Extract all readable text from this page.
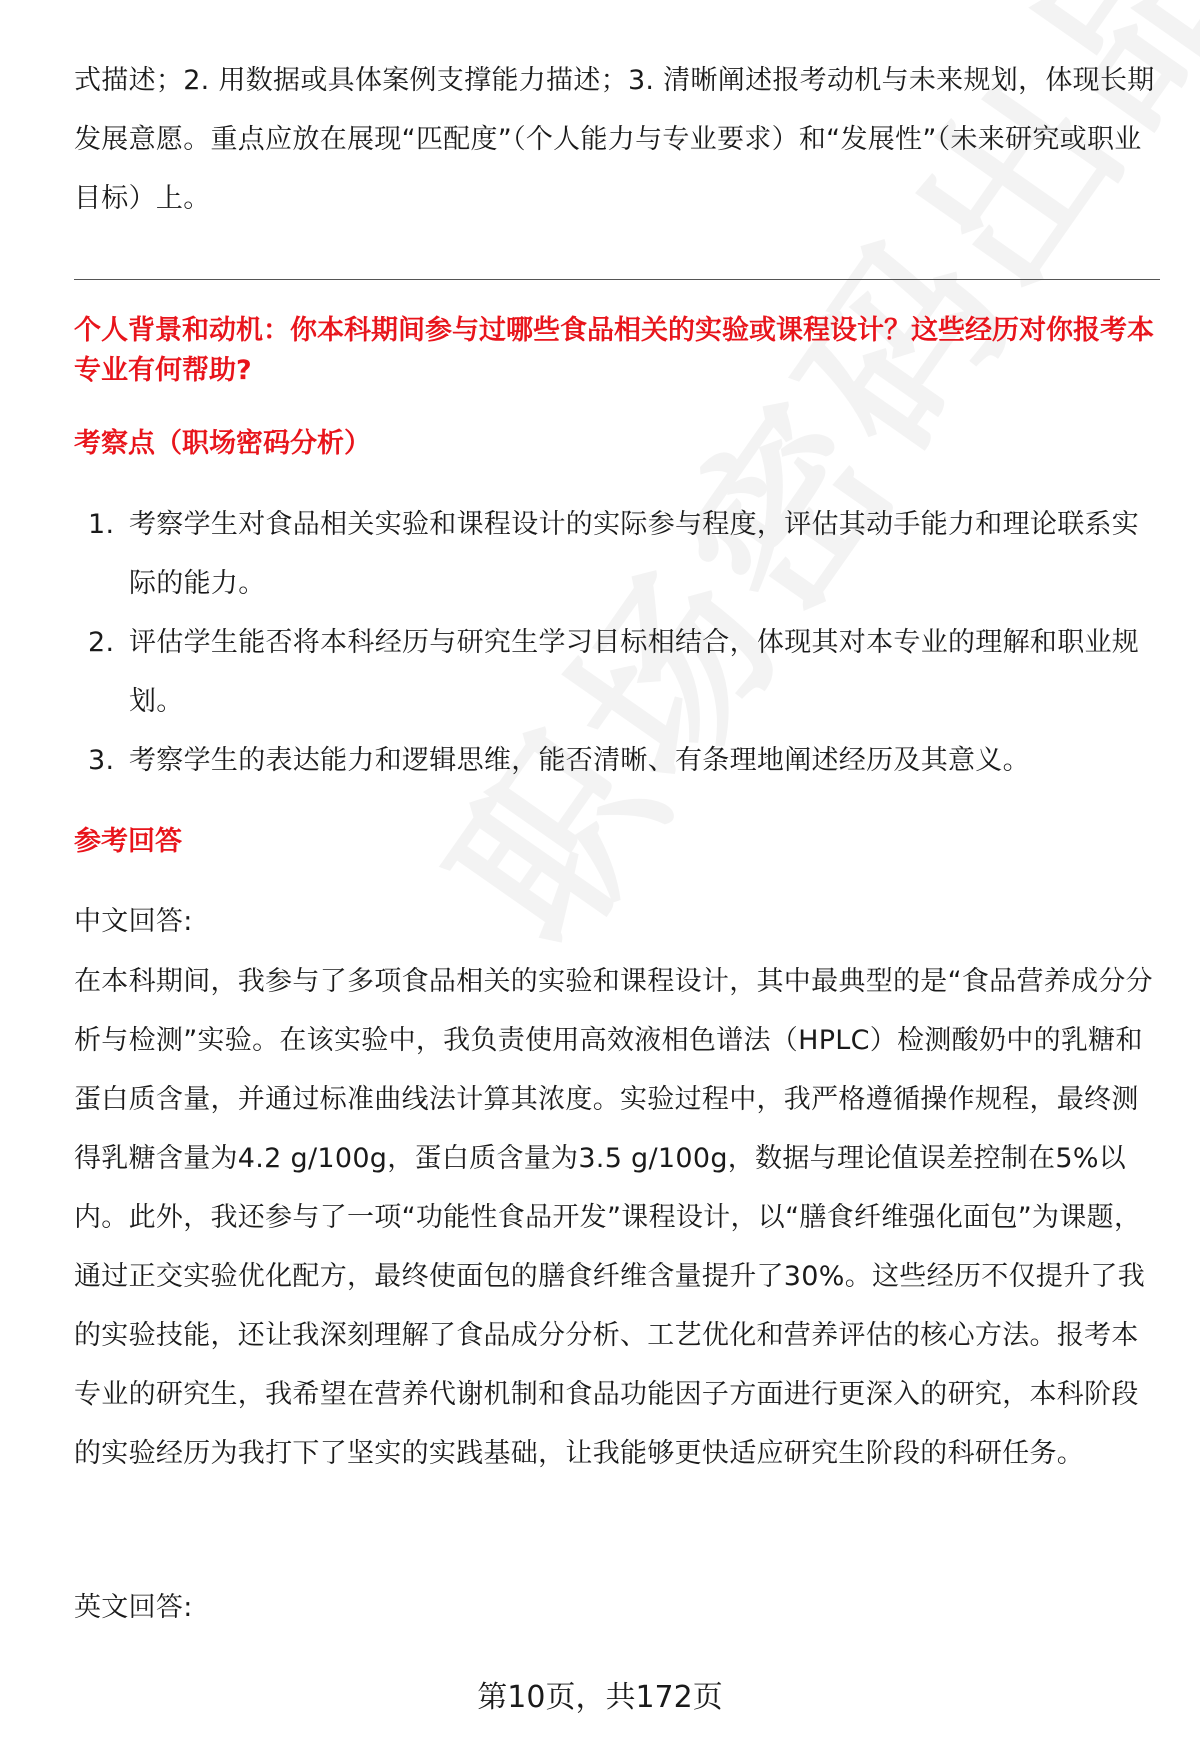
式描述；2. 用数据或具体案例支撑能力描述；3. 清晰阐述报考动机与未来规划，体现长期发展意愿。重点应放在展现“匹配度”（个人能力与专业要求）和“发展性”（未来研究或职业目标）上。

个人背景和动机：你本科期间参与过哪些食品相关的实验或课程设计？这些经历对你报考本专业有何帮助?

考察点（职场密码分析）

1. 考察学生对食品相关实验和课程设计的实际参与程度，评估其动手能力和理论联系实际的能力。
2. 评估学生能否将本科经历与研究生学习目标相结合，体现其对本专业的理解和职业规划。
3. 考察学生的表达能力和逻辑思维，能否清晰、有条理地阐述经历及其意义。

参考回答

中文回答:

在本科期间，我参与了多项食品相关的实验和课程设计，其中最典型的是“食品营养成分分析与检测”实验。在该实验中，我负责使用高效液相色谱法（HPLC）检测酸奶中的乳糖和蛋白质含量，并通过标准曲线法计算其浓度。实验过程中，我严格遵循操作规程，最终测得乳糖含量为4.2 g/100g，蛋白质含量为3.5 g/100g，数据与理论值误差控制在5%以内。此外，我还参与了一项“功能性食品开发”课程设计，以“膳食纤维强化面包”为课题，通过正交实验优化配方，最终使面包的膳食纤维含量提升了30%。这些经历不仅提升了我的实验技能，还让我深刻理解了食品成分分析、工艺优化和营养评估的核心方法。报考本专业的研究生，我希望在营养代谢机制和食品功能因子方面进行更深入的研究，本科阶段的实验经历为我打下了坚实的实践基础，让我能够更快适应研究生阶段的科研任务。

英文回答:

第10页，共172页
